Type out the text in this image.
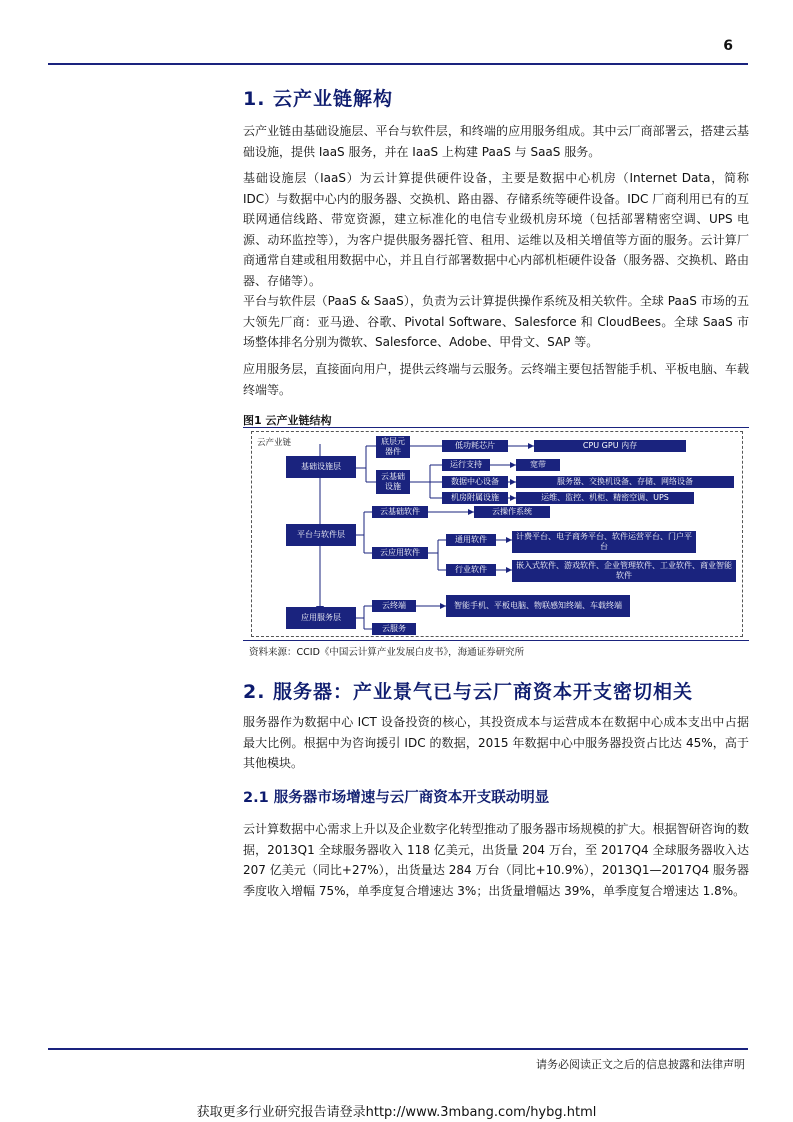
6
1. 云产业链解构
云产业链由基础设施层、平台与软件层，和终端的应用服务组成。其中云厂商部署云，搭建云基础设施，提供 IaaS 服务，并在 IaaS 上构建 PaaS 与 SaaS 服务。
基础设施层（IaaS）为云计算提供硬件设备，主要是数据中心机房（Internet Data，简称 IDC）与数据中心内的服务器、交换机、路由器、存储系统等硬件设备。IDC 厂商利用已有的互联网通信线路、带宽资源，建立标准化的电信专业级机房环境（包括部署精密空调、UPS 电源、动环监控等），为客户提供服务器托管、租用、运维以及相关增值等方面的服务。云计算厂商通常自建或租用数据中心，并且自行部署数据中心内部机柜硬件设备（服务器、交换机、路由器、存储等）。
平台与软件层（PaaS & SaaS），负责为云计算提供操作系统及相关软件。全球 PaaS 市场的五大领先厂商：亚马逊、谷歌、Pivotal Software、Salesforce 和 CloudBees。全球 SaaS 市场整体排名分别为微软、Salesforce、Adobe、甲骨文、SAP 等。
应用服务层，直接面向用户，提供云终端与云服务。云终端主要包括智能手机、平板电脑、车载终端等。
图1 云产业链结构
云产业链
基础设施层
平台与软件层
应用服务层
底层元器件
云基础设施
低功耗芯片	CPU GPU 内存
运行支持
数据中心设备
机房附属设施
宽带
服务器、交换机设备、存储、网络设备
运维、监控、机柜、精密空调、UPS
云基础软件	云操作系统
云应用软件
通用软件
行业软件
计费平台、电子商务平台、软件运营平台、门户平台
嵌入式软件、游戏软件、企业管理软件、工业软件、商业智能软件
云终端
云服务
智能手机、平板电脑、物联感知终端、车载终端
资料来源：CCID《中国云计算产业发展白皮书》，海通证券研究所
2. 服务器：产业景气已与云厂商资本开支密切相关
服务器作为数据中心 ICT 设备投资的核心，其投资成本与运营成本在数据中心成本支出中占据最大比例。根据中为咨询援引 IDC 的数据，2015 年数据中心中服务器投资占比达 45%，高于其他模块。
2.1 服务器市场增速与云厂商资本开支联动明显
云计算数据中心需求上升以及企业数字化转型推动了服务器市场规模的扩大。根据智研咨询的数据，2013Q1 全球服务器收入 118 亿美元，出货量 204 万台，至 2017Q4 全球服务器收入达 207 亿美元（同比+27%），出货量达 284 万台（同比+10.9%），2013Q1—2017Q4 服务器季度收入增幅 75%，单季度复合增速达 3%；出货量增幅达 39%，单季度复合增速达 1.8%。
请务必阅读正文之后的信息披露和法律声明
获取更多行业研究报告请登录http://www.3mbang.com/hybg.html
